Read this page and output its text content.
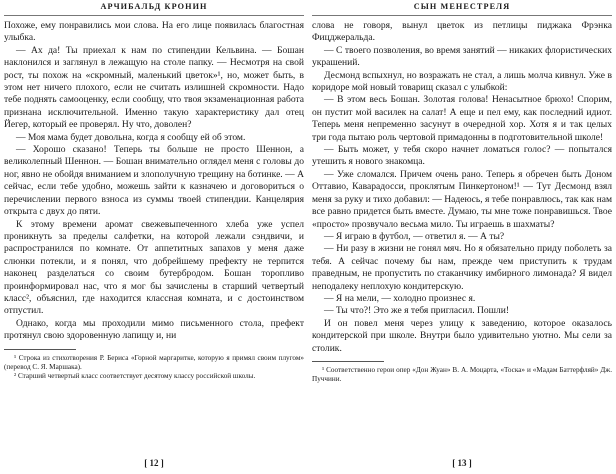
АРЧИБАЛЬД КРОНИН

Похоже, ему понравились мои слова. На его лице появилась благостная улыбка.

— Ах да! Ты приехал к нам по стипендии Кельвина. — Бошан наклонился и заглянул в лежащую на столе папку. — Несмотря на свой рост, ты похож на «скромный, маленький цветок»¹, но, может быть, в этом нет ничего плохого, если не считать излишней скромности. Надо тебе поднять самооценку, если сообщу, что твоя экзаменационная работа признана исключительной. Именно такую характеристику дал отец Йегер, который ее проверял. Ну что, доволен?

— Моя мама будет довольна, когда я сообщу ей об этом.

— Хорошо сказано! Теперь ты больше не просто Шеннон, а великолепный Шеннон. — Бошан внимательно оглядел меня с головы до ног, явно не обойдя вниманием и злополучную трещину на ботинке. — А сейчас, если тебе удобно, можешь зайти к казначею и договориться о перечислении первого взноса из суммы твоей стипендии. Канцелярия открыта с двух до пяти.

К этому времени аромат свежевыпеченного хлеба уже успел проникнуть за пределы салфетки, на которой лежали сэндвичи, и распространился по комнате. От аппетитных запахов у меня даже слюнки потекли, и я понял, что добрейшему префекту не терпится наконец разделаться со своим бутербродом. Бошан торопливо проинформировал нас, что я мог бы зачислены в старший четвертый класс², объяснил, где находится классная комната, и с достоинством отпустил.

Однако, когда мы проходили мимо письменного стола, префект протянул свою здоровенную лапищу и, ни

¹ Строка из стихотворения Р. Бериса «Горной маргаритке, которую я примял своим плугом» (перевод С. Я. Маршака).

² Старший четвертый класс соответствует десятому классу российской школы.

[ 12 ]
СЫН МЕНЕСТРЕЛЯ

слова не говоря, вынул цветок из петлицы пиджака Фрэнка Фицджеральда.

— С твоего позволения, во время занятий — никаких флористических украшений.

Десмонд вспыхнул, но возражать не стал, а лишь молча кивнул. Уже в коридоре мой новый товарищ сказал с улыбкой:

— В этом весь Бошан. Золотая голова! Ненасытное брюхо! Спорим, он пустит мой василек на салат! А еще и пел ему, как последний идиот. Теперь меня непременно засунут в очередной хор. Хотя я и так целых три года пытаю роль чертовой примадонны в подготовительной школе!

— Быть может, у тебя скоро начнет ломаться голос? — попытался утешить я нового знакомца.

— Уже сломался. Причем очень рано. Теперь я обречен быть Доном Оттавио, Каварадосси, проклятым Пинкертоном!¹ — Тут Десмонд взял меня за руку и тихо добавил: — Надеюсь, я тебе понравлюсь, так как нам все равно придется быть вместе. Думаю, ты мне тоже понравишься. Твое «просто» прозвучало весьма мило. Ты играешь в шахматы?

— Я играю в футбол, — ответил я. — А ты?

— Ни разу в жизни не гонял мяч. Но я обязательно приду поболеть за тебя. А сейчас почему бы нам, прежде чем приступить к трудам праведным, не пропустить по стаканчику имбирного лимонада? Я видел неподалеку неплохую кондитерскую.

— Я на мели, — холодно произнес я.

— Ты что?! Это же я тебя пригласил. Пошли!

И он повел меня через улицу к заведению, которое оказалось кондитерской при школе. Внутри было удивительно уютно. Мы сели за столик.

¹ Соответственно герои опер «Дон Жуан» В. А. Моцарта, «Тоска» и «Мадам Баттерфляй» Дж. Пуччини.

[ 13 ]
